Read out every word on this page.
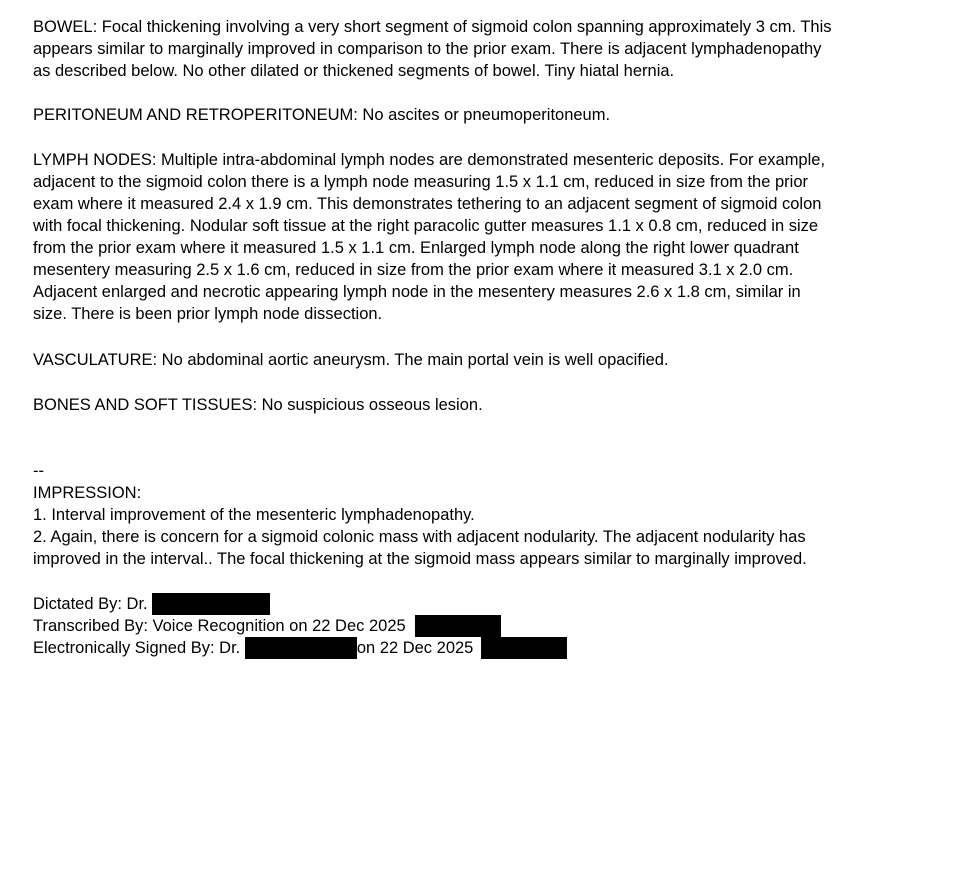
BOWEL: Focal thickening involving a very short segment of sigmoid colon spanning approximately 3 cm. This
appears similar to marginally improved in comparison to the prior exam. There is adjacent lymphadenopathy
as described below. No other dilated or thickened segments of bowel. Tiny hiatal hernia.
PERITONEUM AND RETROPERITONEUM: No ascites or pneumoperitoneum.
LYMPH NODES: Multiple intra-abdominal lymph nodes are demonstrated mesenteric deposits. For example,
adjacent to the sigmoid colon there is a lymph node measuring 1.5 x 1.1 cm, reduced in size from the prior
exam where it measured 2.4 x 1.9 cm. This demonstrates tethering to an adjacent segment of sigmoid colon
with focal thickening. Nodular soft tissue at the right paracolic gutter measures 1.1 x 0.8 cm, reduced in size
from the prior exam where it measured 1.5 x 1.1 cm. Enlarged lymph node along the right lower quadrant
mesentery measuring 2.5 x 1.6 cm, reduced in size from the prior exam where it measured 3.1 x 2.0 cm.
Adjacent enlarged and necrotic appearing lymph node in the mesentery measures 2.6 x 1.8 cm, similar in
size. There is been prior lymph node dissection.
VASCULATURE: No abdominal aortic aneurysm. The main portal vein is well opacified.
BONES AND SOFT TISSUES: No suspicious osseous lesion.
--
IMPRESSION:
1. Interval improvement of the mesenteric lymphadenopathy.
2. Again, there is concern for a sigmoid colonic mass with adjacent nodularity. The adjacent nodularity has
improved in the interval.. The focal thickening at the sigmoid mass appears similar to marginally improved.
Dictated By: Dr.
Transcribed By: Voice Recognition on 22 Dec 2025
Electronically Signed By: Dr.	on 22 Dec 2025
